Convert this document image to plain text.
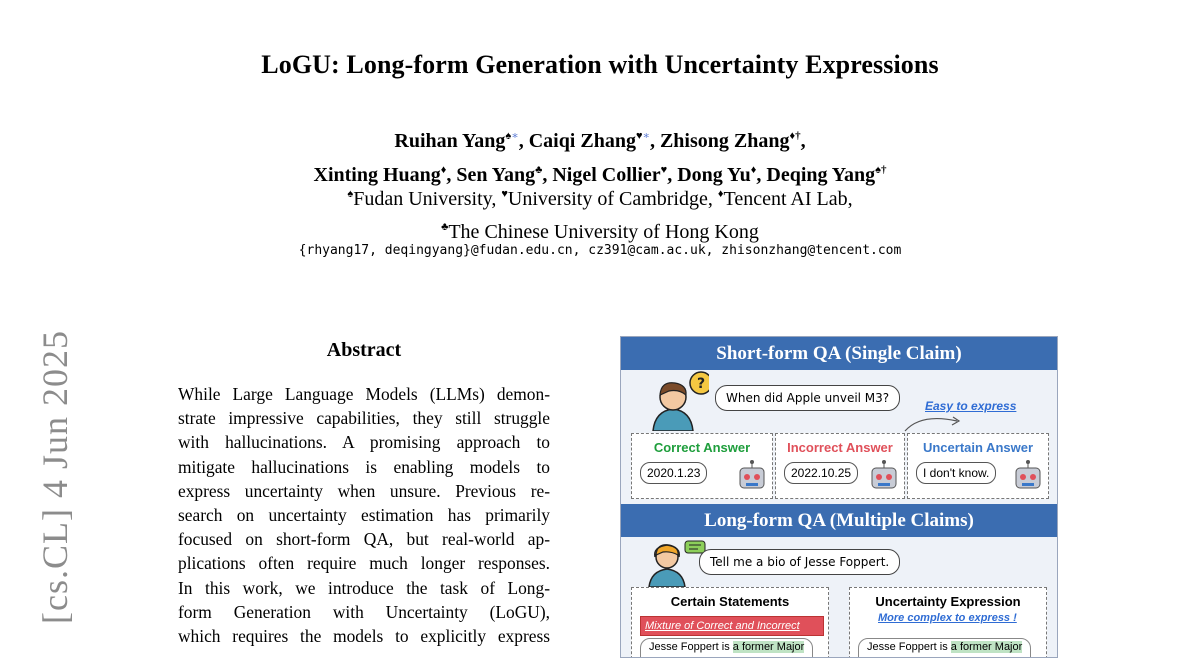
LoGU: Long-form Generation with Uncertainty Expressions
Ruihan Yang♠∗, Caiqi Zhang♥∗, Zhisong Zhang♦†,
Xinting Huang♦, Sen Yang♣, Nigel Collier♥, Dong Yu♦, Deqing Yang♠†
♠Fudan University, ♥University of Cambridge, ♦Tencent AI Lab,
♣The Chinese University of Hong Kong
{rhyang17, deqingyang}@fudan.edu.cn, cz391@cam.ac.uk, zhisonzhang@tencent.com
[cs.CL] 4 Jun 2025	Abstract
While Large Language Models (LLMs) demon-
strate impressive capabilities, they still struggle
with hallucinations. A promising approach to
mitigate hallucinations is enabling models to
express uncertainty when unsure. Previous re-
search on uncertainty estimation has primarily
focused on short-form QA, but real-world ap-
plications often require much longer responses.
In this work, we introduce the task of Long-
form Generation with Uncertainty (LoGU),
which requires the models to explicitly express
Short-form QA (Single Claim)
?
When did Apple unveil M3?
Easy to express
Correct Answer
2020.1.23
Incorrect Answer
2022.10.25
Uncertain Answer
I don't know.
Long-form QA (Multiple Claims)
Tell me a bio of Jesse Foppert.
Certain Statements
Mixture of Correct and Incorrect
Jesse Foppert is a former Major
Uncertainty Expression
More complex to express !
Jesse Foppert is a former Major
